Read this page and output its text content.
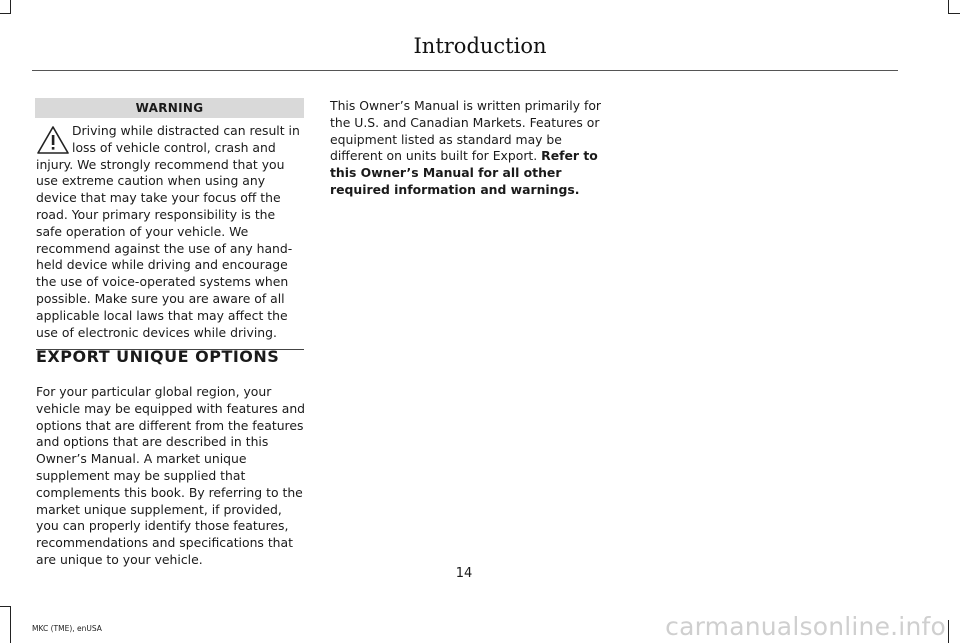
Introduction
WARNING
Driving while distracted can result in loss of vehicle control, crash and injury. We strongly recommend that you use extreme caution when using any device that may take your focus off the road. Your primary responsibility is the safe operation of your vehicle. We recommend against the use of any hand-held device while driving and encourage the use of voice-operated systems when possible. Make sure you are aware of all applicable local laws that may affect the use of electronic devices while driving.
EXPORT UNIQUE OPTIONS
For your particular global region, your vehicle may be equipped with features and options that are different from the features and options that are described in this Owner’s Manual. A market unique supplement may be supplied that complements this book. By referring to the market unique supplement, if provided, you can properly identify those features, recommendations and specifications that are unique to your vehicle.
This Owner’s Manual is written primarily for the U.S. and Canadian Markets. Features or equipment listed as standard may be different on units built for Export. Refer to this Owner’s Manual for all other required information and warnings.
14
MKC (TME), enUSA	carmanualsonline.info
